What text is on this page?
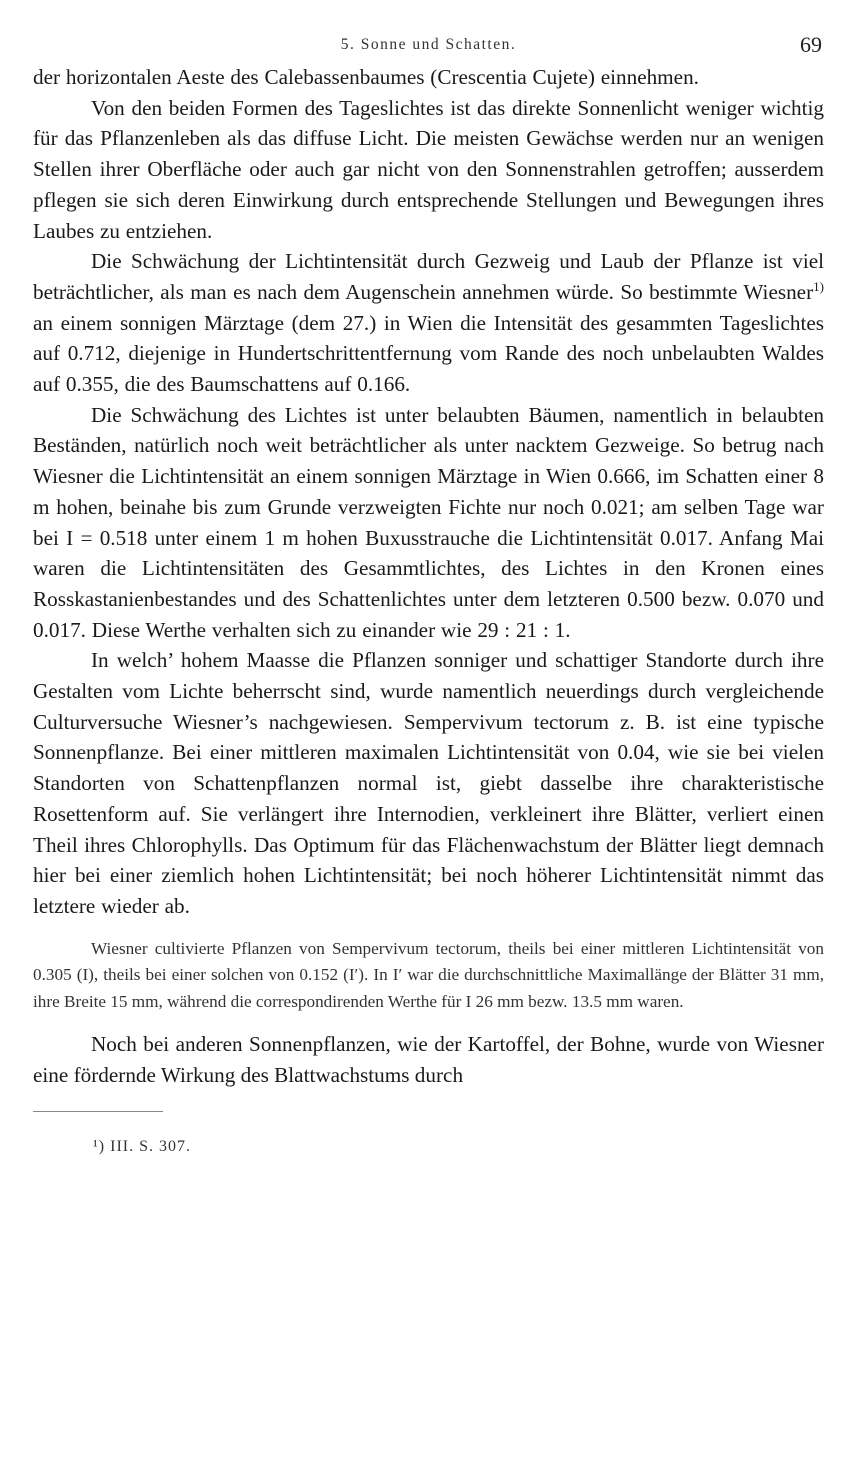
5. Sonne und Schatten.	69

der horizontalen Aeste des Calebassenbaumes (Crescentia Cujete) einnehmen.

Von den beiden Formen des Tageslichtes ist das direkte Sonnenlicht weniger wichtig für das Pflanzenleben als das diffuse Licht. Die meisten Gewächse werden nur an wenigen Stellen ihrer Oberfläche oder auch gar nicht von den Sonnenstrahlen getroffen; ausserdem pflegen sie sich deren Einwirkung durch entsprechende Stellungen und Bewegungen ihres Laubes zu entziehen.

Die Schwächung der Lichtintensität durch Gezweig und Laub der Pflanze ist viel beträchtlicher, als man es nach dem Augenschein annehmen würde. So bestimmte Wiesner$^{1)}$ an einem sonnigen Märztage (dem 27.) in Wien die Intensität des gesammten Tageslichtes auf 0.712, diejenige in Hundertschrittentfernung vom Rande des noch unbelaubten Waldes auf 0.355, die des Baumschattens auf 0.166.

Die Schwächung des Lichtes ist unter belaubten Bäumen, namentlich in belaubten Beständen, natürlich noch weit beträchtlicher als unter nacktem Gezweige. So betrug nach Wiesner die Lichtintensität an einem sonnigen Märztage in Wien 0.666, im Schatten einer 8 m hohen, beinahe bis zum Grunde verzweigten Fichte nur noch 0.021; am selben Tage war bei I = 0.518 unter einem 1 m hohen Buxusstrauche die Lichtintensität 0.017. Anfang Mai waren die Lichtintensitäten des Gesammtlichtes, des Lichtes in den Kronen eines Rosskastanienbestandes und des Schattenlichtes unter dem letzteren 0.500 bezw. 0.070 und 0.017. Diese Werthe verhalten sich zu einander wie 29 : 21 : 1.

In welch’ hohem Maasse die Pflanzen sonniger und schattiger Standorte durch ihre Gestalten vom Lichte beherrscht sind, wurde namentlich neuerdings durch vergleichende Culturversuche Wiesner’s nachgewiesen. Sempervivum tectorum z. B. ist eine typische Sonnenpflanze. Bei einer mittleren maximalen Lichtintensität von 0.04, wie sie bei vielen Standorten von Schattenpflanzen normal ist, giebt dasselbe ihre charakteristische Rosettenform auf. Sie verlängert ihre Internodien, verkleinert ihre Blätter, verliert einen Theil ihres Chlorophylls. Das Optimum für das Flächenwachstum der Blätter liegt demnach hier bei einer ziemlich hohen Lichtintensität; bei noch höherer Lichtintensität nimmt das letztere wieder ab.

Wiesner cultivierte Pflanzen von Sempervivum tectorum, theils bei einer mittleren Lichtintensität von 0.305 (I), theils bei einer solchen von 0.152 (I′). In I′ war die durchschnittliche Maximallänge der Blätter 31 mm, ihre Breite 15 mm, während die correspondirenden Werthe für I 26 mm bezw. 13.5 mm waren.

Noch bei anderen Sonnenpflanzen, wie der Kartoffel, der Bohne, wurde von Wiesner eine fördernde Wirkung des Blattwachstums durch

¹) III. S. 307.
